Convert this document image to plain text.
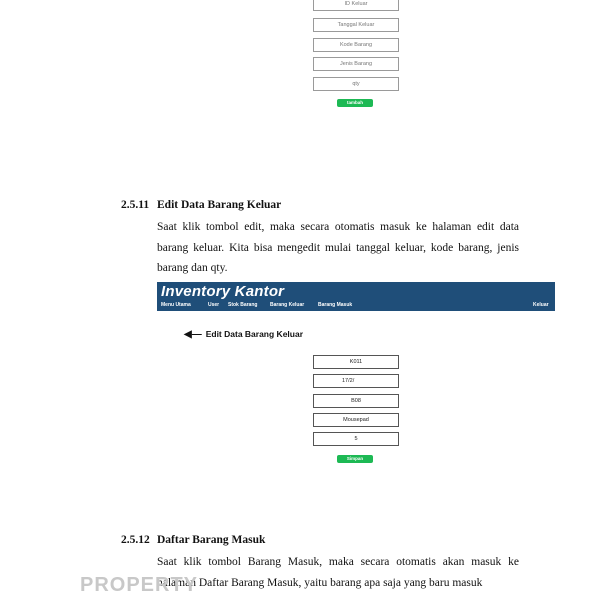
ID Keluar
Tanggal Keluar
Kode Barang
Jenis Barang
qty
tambah
2.5.11 Edit Data Barang Keluar
Saat klik tombol edit, maka secara otomatis masuk ke halaman edit data barang keluar. Kita bisa mengedit mulai tanggal keluar, kode barang, jenis barang dan qty.
Inventory Kantor
Menu Utama	User Stok Barang	Barang Keluar	Barang Masuk	Keluar
◀— Edit Data Barang Keluar
K011
17/2/
B08
Mousepad
5
Simpan
2.5.12 Daftar Barang Masuk
Saat klik tombol Barang Masuk, maka secara otomatis akan masuk ke halaman Daftar Barang Masuk, yaitu barang apa saja yang baru masuk
PROPERTY
